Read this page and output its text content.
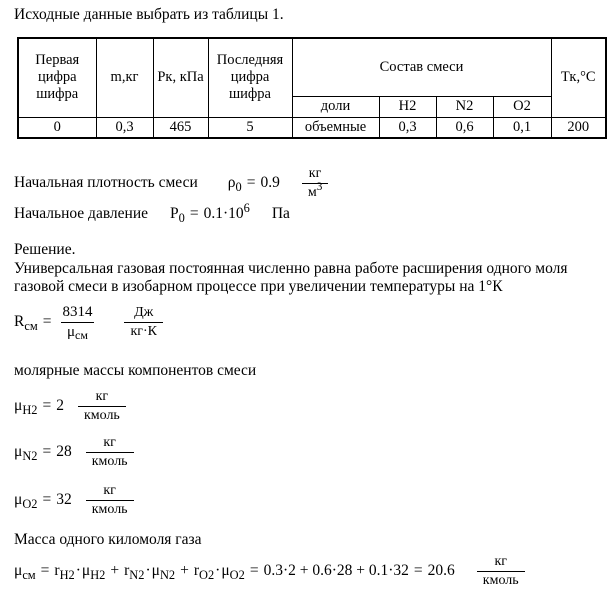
Исходные данные выбрать из таблицы 1.
Первая цифра шифра	m,кг	Рк, кПа	Последняя цифра шифра	Состав смеси				Тк,°С
				доли	H2	N2	O2	
0	0,3	465	5	объемные	0,3	0,6	0,1	200
Начальная плотность смеси $\rho_0 = 0.9 \frac{кг}{м^3}$
Начальное давление $P_0 = 0.1\cdot 10^6$ Па
Решение.
Универсальная газовая постоянная численно равна работе расширения одного моля
газовой смеси в изобарном процессе при увеличении температуры на 1°К
$R_{см} = \frac{8314}{\mu_{см}} \frac{Дж}{кг\cdot К}$
молярные массы компонентов смеси
$\mu_{H2} = 2 \frac{кг}{\text{кмоль}}$
$\mu_{N2} = 28 \frac{кг}{\text{кмоль}}$
$\mu_{O2} = 32 \frac{кг}{\text{кмоль}}$
Масса одного киломоля газа
$\mu_{см} = r_{H2}\cdot\mu_{H2} + r_{N2}\cdot\mu_{N2} + r_{O2}\cdot\mu_{O2} = 0.3\cdot 2 + 0.6\cdot 28 + 0.1\cdot 32 = 20.6 \frac{кг}{\text{кмоль}}$
